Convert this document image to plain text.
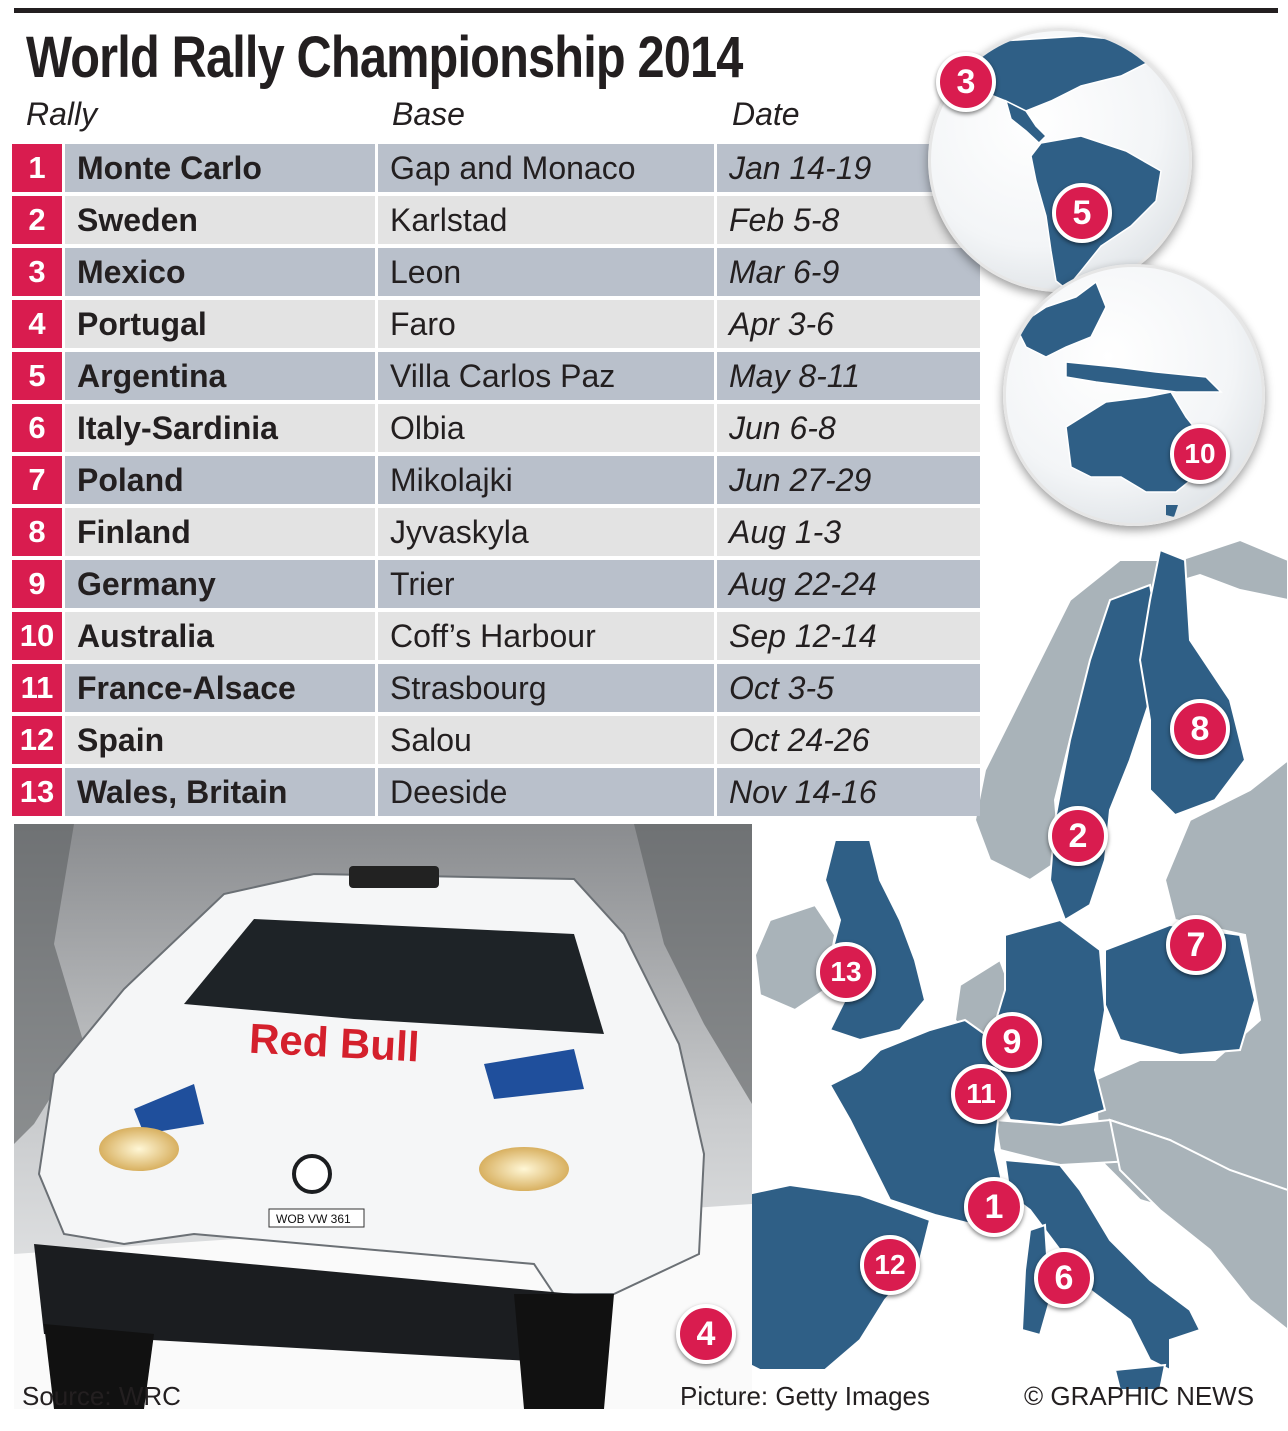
World Rally Championship 2014
Rally	Base	Date
1 Monte Carlo	Gap and Monaco	Jan 14-19
2 Sweden	Karlstad	Feb 5-8
3 Mexico	Leon	Mar 6-9
4 Portugal	Faro	Apr 3-6
5 Argentina	Villa Carlos Paz	May 8-11
6 Italy-Sardinia	Olbia	Jun 6-8
7 Poland	Mikolajki	Jun 27-29
8 Finland	Jyvaskyla	Aug 1-3
9 Germany	Trier	Aug 22-24
10 Australia	Coff’s Harbour	Sep 12-14
11 France-Alsace	Strasbourg	Oct 3-5
12 Spain	Salou	Oct 24-26
13 Wales, Britain	Deeside	Nov 14-16
Red Bull
WOB VW 361
3
5
10
8
2
7
13
9
11
1
12	6
4
Source: WRC	Picture: Getty Images	© GRAPHIC NEWS
